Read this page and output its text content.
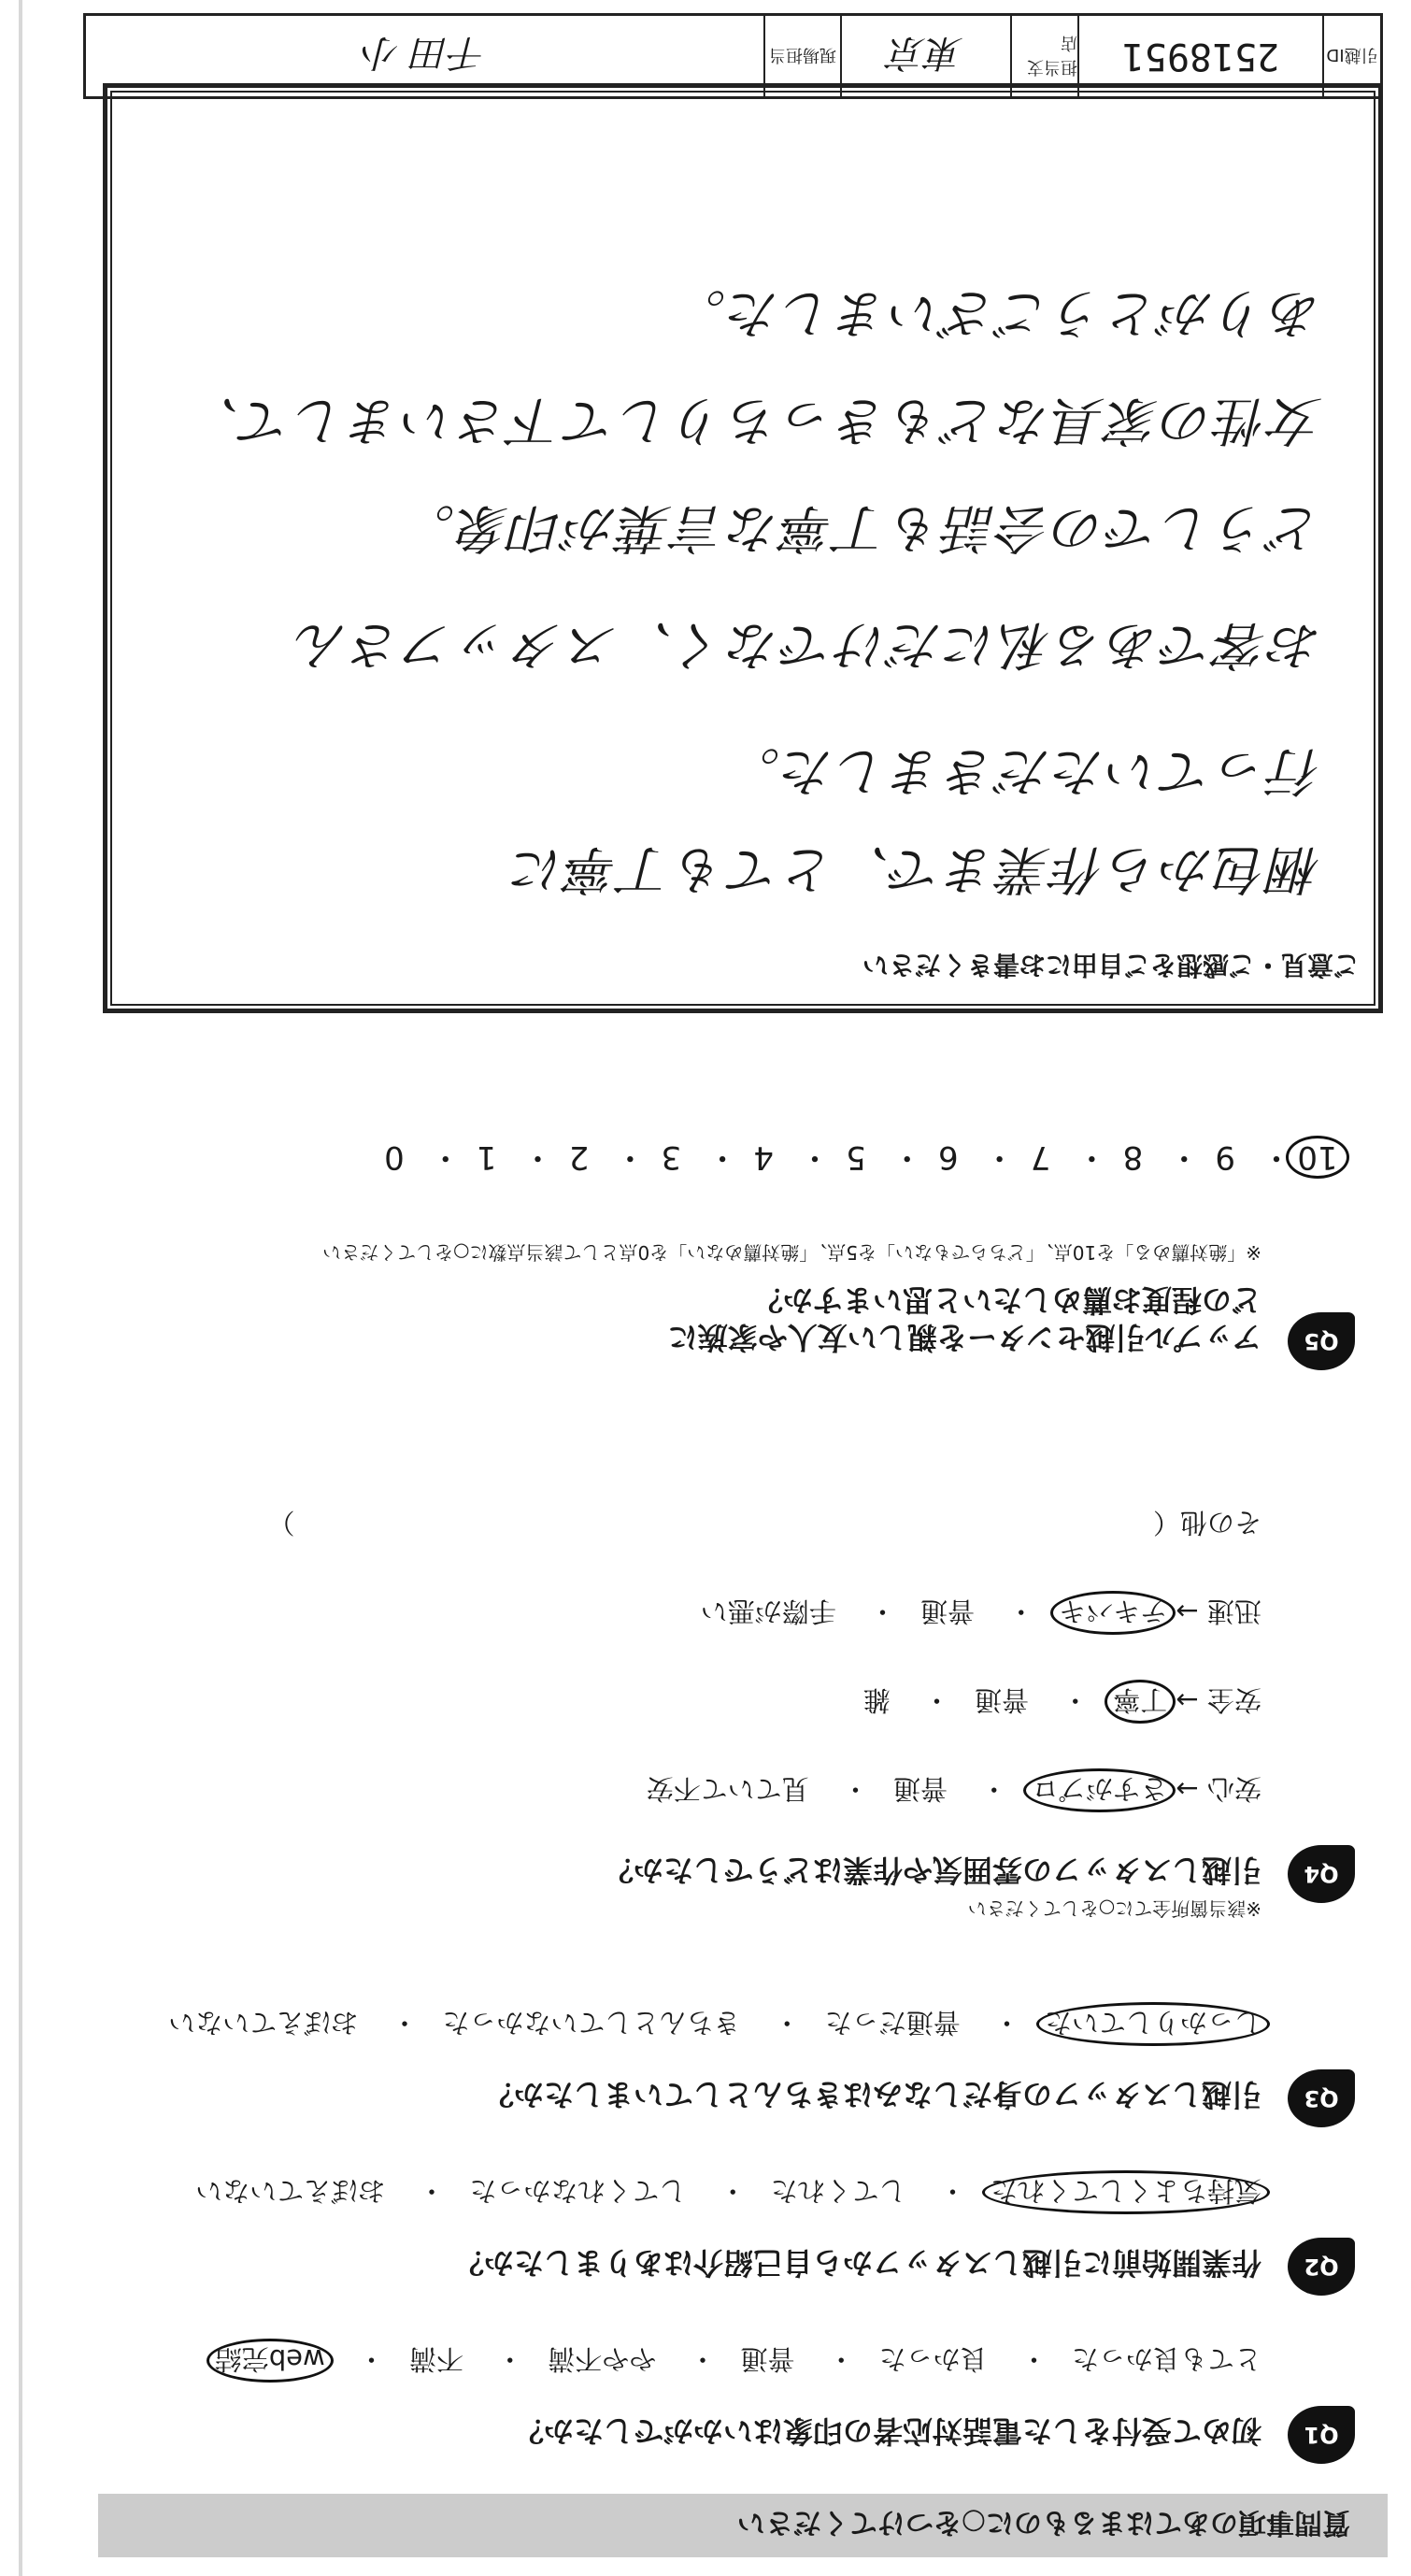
質問事項のあてはまるものに○をつけてください
Q1
初めて受付をした電話対応者の印象はいかがでしたか？
とても良かった・ 良かった・ 普通・ やや不満・ 不満・ web完結
Q2
作業開始前に引越しスタッフから自己紹介はありましたか？
気持ちよくしてくれた・ してくれた・ してくれなかった・ おぼえていない
Q3
引越しスタッフの身だしなみはきちんとしていましたか？
しっかりしていた・ 普通だった・ きちんとしていなかった・ おぼえていない
Q4
引越しスタッフの雰囲気や作業はどうでしたか？
※該当箇所全てに○をしてください
安心 → さすがプロ・ 普通・ 見ていて不安
安全 → 丁寧・ 普通・ 雑
迅速 → テキパキ・ 普通・ 手際が悪い
その他（  ）
Q5
アップル引越センターを親しい友人や家族に
どの程度お薦めしたいと思いますか？
※「絶対薦める」を10点、「どちらでもない」を5点、「絶対薦めない」を0点として該当点数に○をしてください
10・ 9・ 8・ 7・ 6・ 5・ 4・ 3・ 2・ 1・ 0
ご意見・ご感想をご自由にお書きください
梱包から作業まで、とても丁寧に
行っていただきました。
お客である私にだけでなく、スタッフさん
どうしでの会話も丁寧な言葉が印象。
女性の家具などもきっちりして下さいまして、
ありがとうございました。
引越ID
2518951
担当支店
東京
現場担当
千田 小
